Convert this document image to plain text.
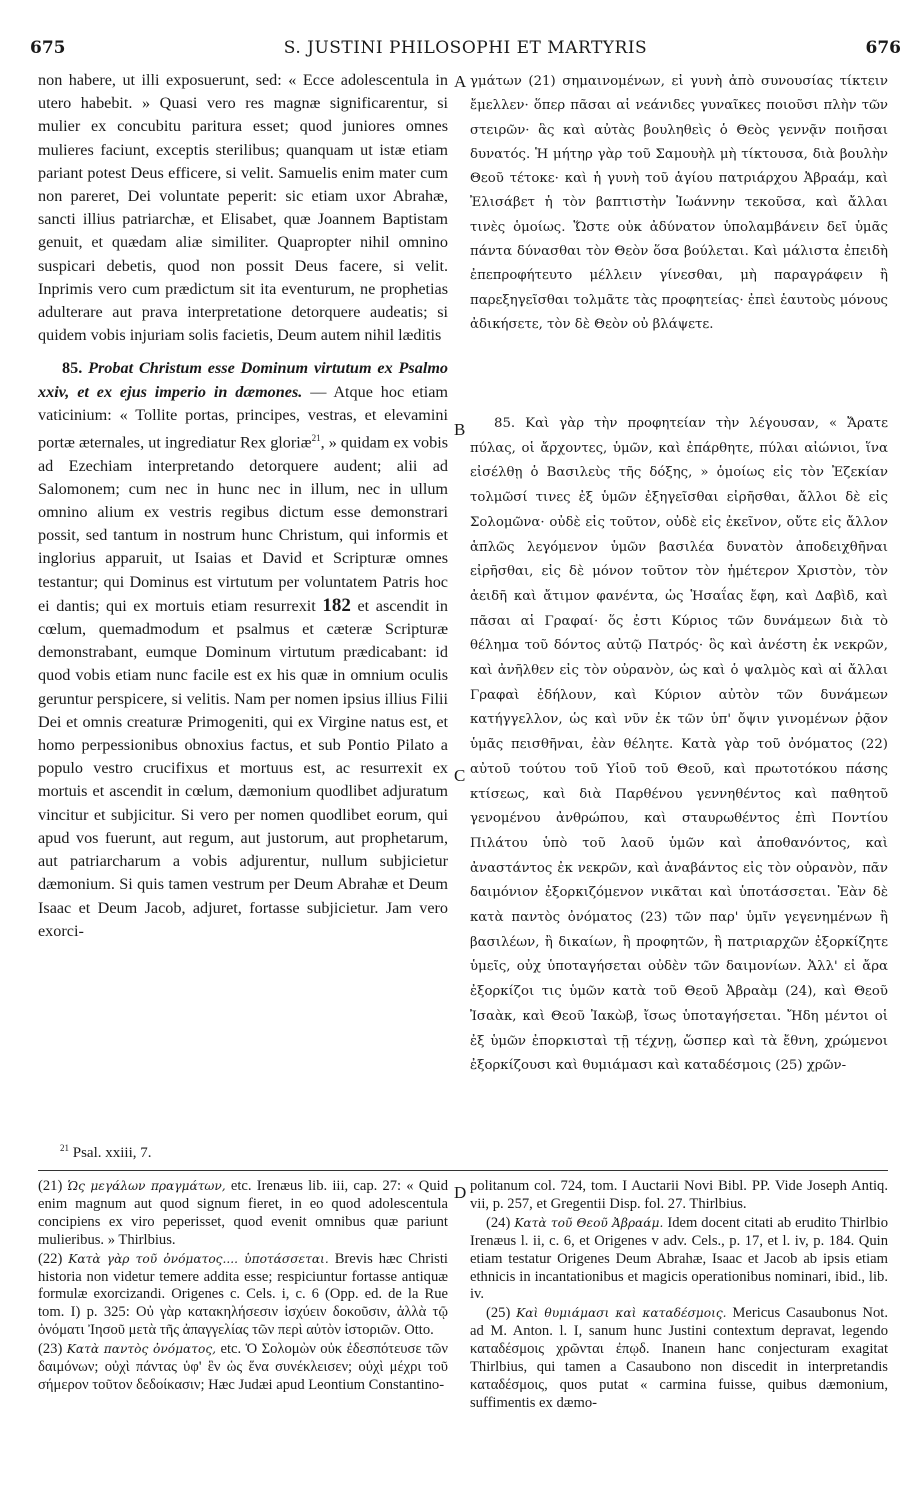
675	S. JUSTINI PHILOSOPHI ET MARTYRIS	676
A
B
C
D
non habere, ut illi exposuerunt, sed: « Ecce adolescentula in utero habebit. » Quasi vero res magnæ significarentur, si mulier ex concubitu paritura esset; quod juniores omnes mulieres faciunt, exceptis sterilibus; quanquam ut istæ etiam pariant potest Deus efficere, si velit. Samuelis enim mater cum non pareret, Dei voluntate peperit: sic etiam uxor Abrahæ, sancti illius patriarchæ, et Elisabet, quæ Joannem Baptistam genuit, et quædam aliæ similiter. Quapropter nihil omnino suspicari debetis, quod non possit Deus facere, si velit. Inprimis vero cum prædictum sit ita eventurum, ne prophetias adulterare aut prava interpretatione detorquere audeatis; si quidem vobis injuriam solis facietis, Deum autem nihil læditis
85. Probat Christum esse Dominum virtutum ex Psalmo xxiv, et ex ejus imperio in dæmones. — Atque hoc etiam vaticinium: « Tollite portas, principes, vestras, et elevamini portæ æternales, ut ingrediatur Rex gloriæ$^{21}$, » quidam ex vobis ad Ezechiam interpretando detorquere audent; alii ad Salomonem; cum nec in hunc nec in illum, nec in ullum omnino alium ex vestris regibus dictum esse demonstrari possit, sed tantum in nostrum hunc Christum, qui informis et inglorius apparuit, ut Isaias et David et Scripturæ omnes testantur; qui Dominus est virtutum per voluntatem Patris hoc ei dantis; qui ex mortuis etiam resurrexit 182 et ascendit in cœlum, quemadmodum et psalmus et cæteræ Scripturæ demonstrabant, eumque Dominum virtutum prædicabant: id quod vobis etiam nunc facile est ex his quæ in omnium oculis geruntur perspicere, si velitis. Nam per nomen ipsius illius Filii Dei et omnis creaturæ Primogeniti, qui ex Virgine natus est, et homo perpessionibus obnoxius factus, et sub Pontio Pilato a populo vestro crucifixus et mortuus est, ac resurrexit ex mortuis et ascendit in cœlum, dæmonium quodlibet adjuratum vincitur et subjicitur. Si vero per nomen quodlibet eorum, qui apud vos fuerunt, aut regum, aut justorum, aut prophetarum, aut patriarcharum a vobis adjurentur, nullum subjicietur dæmonium. Si quis tamen vestrum per Deum Abrahæ et Deum Isaac et Deum Jacob, adjuret, fortasse subjicietur. Jam vero exorci-
γμάτων (21) σημαινομένων, εἰ γυνὴ ἀπὸ συνουσίας τίκτειν ἔμελλεν· ὅπερ πᾶσαι αἱ νεάνιδες γυναῖκες ποιοῦσι πλὴν τῶν στειρῶν· ἃς καὶ αὐτὰς βουληθεὶς ὁ Θεὸς γεννᾷν ποιῆσαι δυνατός. Ἡ μήτηρ γὰρ τοῦ Σαμουὴλ μὴ τίκτουσα, διὰ βουλὴν Θεοῦ τέτοκε· καὶ ἡ γυνὴ τοῦ ἁγίου πατριάρχου Ἀβραάμ, καὶ Ἐλισάβετ ἡ τὸν βαπτιστὴν Ἰωάννην τεκοῦσα, καὶ ἄλλαι τινὲς ὁμοίως. Ὥστε οὐκ ἀδύνατον ὑπολαμβάνειν δεῖ ὑμᾶς πάντα δύνασθαι τὸν Θεὸν ὅσα βούλεται. Καὶ μάλιστα ἐπειδὴ ἐπεπροφήτευτο μέλλειν γίνεσθαι, μὴ παραγράφειν ἢ παρεξηγεῖσθαι τολμᾶτε τὰς προφητείας· ἐπεὶ ἑαυτοὺς μόνους ἀδικήσετε, τὸν δὲ Θεὸν οὐ βλάψετε.
85. Καὶ γὰρ τὴν προφητείαν τὴν λέγουσαν, « Ἄρατε πύλας, οἱ ἄρχοντες, ὑμῶν, καὶ ἐπάρθητε, πύλαι αἰώνιοι, ἵνα εἰσέλθῃ ὁ Βασιλεὺς τῆς δόξης, » ὁμοίως εἰς τὸν Ἐζεκίαν τολμῶσί τινες ἐξ ὑμῶν ἐξηγεῖσθαι εἰρῆσθαι, ἄλλοι δὲ εἰς Σολομῶνα· οὐδὲ εἰς τοῦτον, οὐδὲ εἰς ἐκεῖνον, οὔτε εἰς ἄλλον ἁπλῶς λεγόμενον ὑμῶν βασιλέα δυνατὸν ἀποδειχθῆναι εἰρῆσθαι, εἰς δὲ μόνον τοῦτον τὸν ἡμέτερον Χριστὸν, τὸν ἀειδῆ καὶ ἄτιμον φανέντα, ὡς Ἡσαΐας ἔφη, καὶ Δαβὶδ, καὶ πᾶσαι αἱ Γραφαί· ὅς ἐστι Κύριος τῶν δυνάμεων διὰ τὸ θέλημα τοῦ δόντος αὐτῷ Πατρός· ὃς καὶ ἀνέστη ἐκ νεκρῶν, καὶ ἀνῆλθεν εἰς τὸν οὐρανὸν, ὡς καὶ ὁ ψαλμὸς καὶ αἱ ἄλλαι Γραφαὶ ἐδήλουν, καὶ Κύριον αὐτὸν τῶν δυνάμεων κατήγγελλον, ὡς καὶ νῦν ἐκ τῶν ὑπ' ὄψιν γινομένων ῥᾷον ὑμᾶς πεισθῆναι, ἐὰν θέλητε. Κατὰ γὰρ τοῦ ὀνόματος (22) αὐτοῦ τούτου τοῦ Υἱοῦ τοῦ Θεοῦ, καὶ πρωτοτόκου πάσης κτίσεως, καὶ διὰ Παρθένου γεννηθέντος καὶ παθητοῦ γενομένου ἀνθρώπου, καὶ σταυρωθέντος ἐπὶ Ποντίου Πιλάτου ὑπὸ τοῦ λαοῦ ὑμῶν καὶ ἀποθανόντος, καὶ ἀναστάντος ἐκ νεκρῶν, καὶ ἀναβάντος εἰς τὸν οὐρανὸν, πᾶν δαιμόνιον ἐξορκιζόμενον νικᾶται καὶ ὑποτάσσεται. Ἐὰν δὲ κατὰ παντὸς ὀνόματος (23) τῶν παρ' ὑμῖν γεγενημένων ἢ βασιλέων, ἢ δικαίων, ἢ προφητῶν, ἢ πατριαρχῶν ἐξορκίζητε ὑμεῖς, οὐχ ὑποταγήσεται οὐδὲν τῶν δαιμονίων. Ἀλλ' εἰ ἄρα ἐξορκίζοι τις ὑμῶν κατὰ τοῦ Θεοῦ Ἀβραὰμ (24), καὶ Θεοῦ Ἰσαὰκ, καὶ Θεοῦ Ἰακὼβ, ἴσως ὑποταγήσεται. Ἤδη μέντοι οἱ ἐξ ὑμῶν ἐπορκισταὶ τῇ τέχνῃ, ὥσπερ καὶ τὰ ἔθνη, χρώμενοι ἐξορκίζουσι καὶ θυμιάμασι καὶ καταδέσμοις (25) χρῶν-
$^{21}$ Psal. xxiii, 7.

(21) Ὡς μεγάλων πραγμάτων, etc. Irenæus lib. iii, cap. 27: « Quid enim magnum aut quod signum fieret, in eo quod adolescentula concipiens ex viro peperisset, quod evenit omnibus quæ pariunt mulieribus. » Thirlbius.

(22) Κατὰ γὰρ τοῦ ὀνόματος.... ὑποτάσσεται. Brevis hæc Christi historia non videtur temere addita esse; respiciuntur fortasse antiquæ formulæ exorcizandi. Origenes c. Cels. i, c. 6 (Opp. ed. de la Rue tom. I) p. 325: Οὐ γὰρ κατακηλήσεσιν ἰσχύειν δοκοῦσιν, ἀλλὰ τῷ ὀνόματι Ἰησοῦ μετὰ τῆς ἀπαγγελίας τῶν περὶ αὐτὸν ἱστοριῶν. Otto.

(23) Κατὰ παντὸς ὀνόματος, etc. Ὁ Σολομὼν οὐκ ἐδεσπότευσε τῶν δαιμόνων; οὐχὶ πάντας ὑφ' ἓν ὡς ἕνα συνέκλεισεν; οὐχὶ μέχρι τοῦ σήμερον τοῦτον δεδοίκασιν; Hæc Judæi apud Leontium Constantino-

politanum col. 724, tom. I Auctarii Novi Bibl. PP. Vide Joseph Antiq. vii, p. 257, et Gregentii Disp. fol. 27. Thirlbius.

(24) Κατὰ τοῦ Θεοῦ Ἀβραάμ. Idem docent citati ab erudito Thirlbio Irenæus l. ii, c. 6, et Origenes v adv. Cels., p. 17, et l. iv, p. 184. Quin etiam testatur Origenes Deum Abrahæ, Isaac et Jacob ab ipsis etiam ethnicis in incantationibus et magicis operationibus nominari, ibid., lib. iv.

(25) Καὶ θυμιάμασι καὶ καταδέσμοις. Mericus Casaubonus Not. ad M. Anton. l. I, sanum hunc Justini contextum depravat, legendo καταδέσμοις χρῶνται ἐπῳδ. Inaneın hanc conjecturam exagitat Thirlbius, qui tamen a Casaubono non discedit in interpretandis καταδέσμοις, quos putat « carmina fuisse, quibus dæmonium, suffimentis ex dæmo-
